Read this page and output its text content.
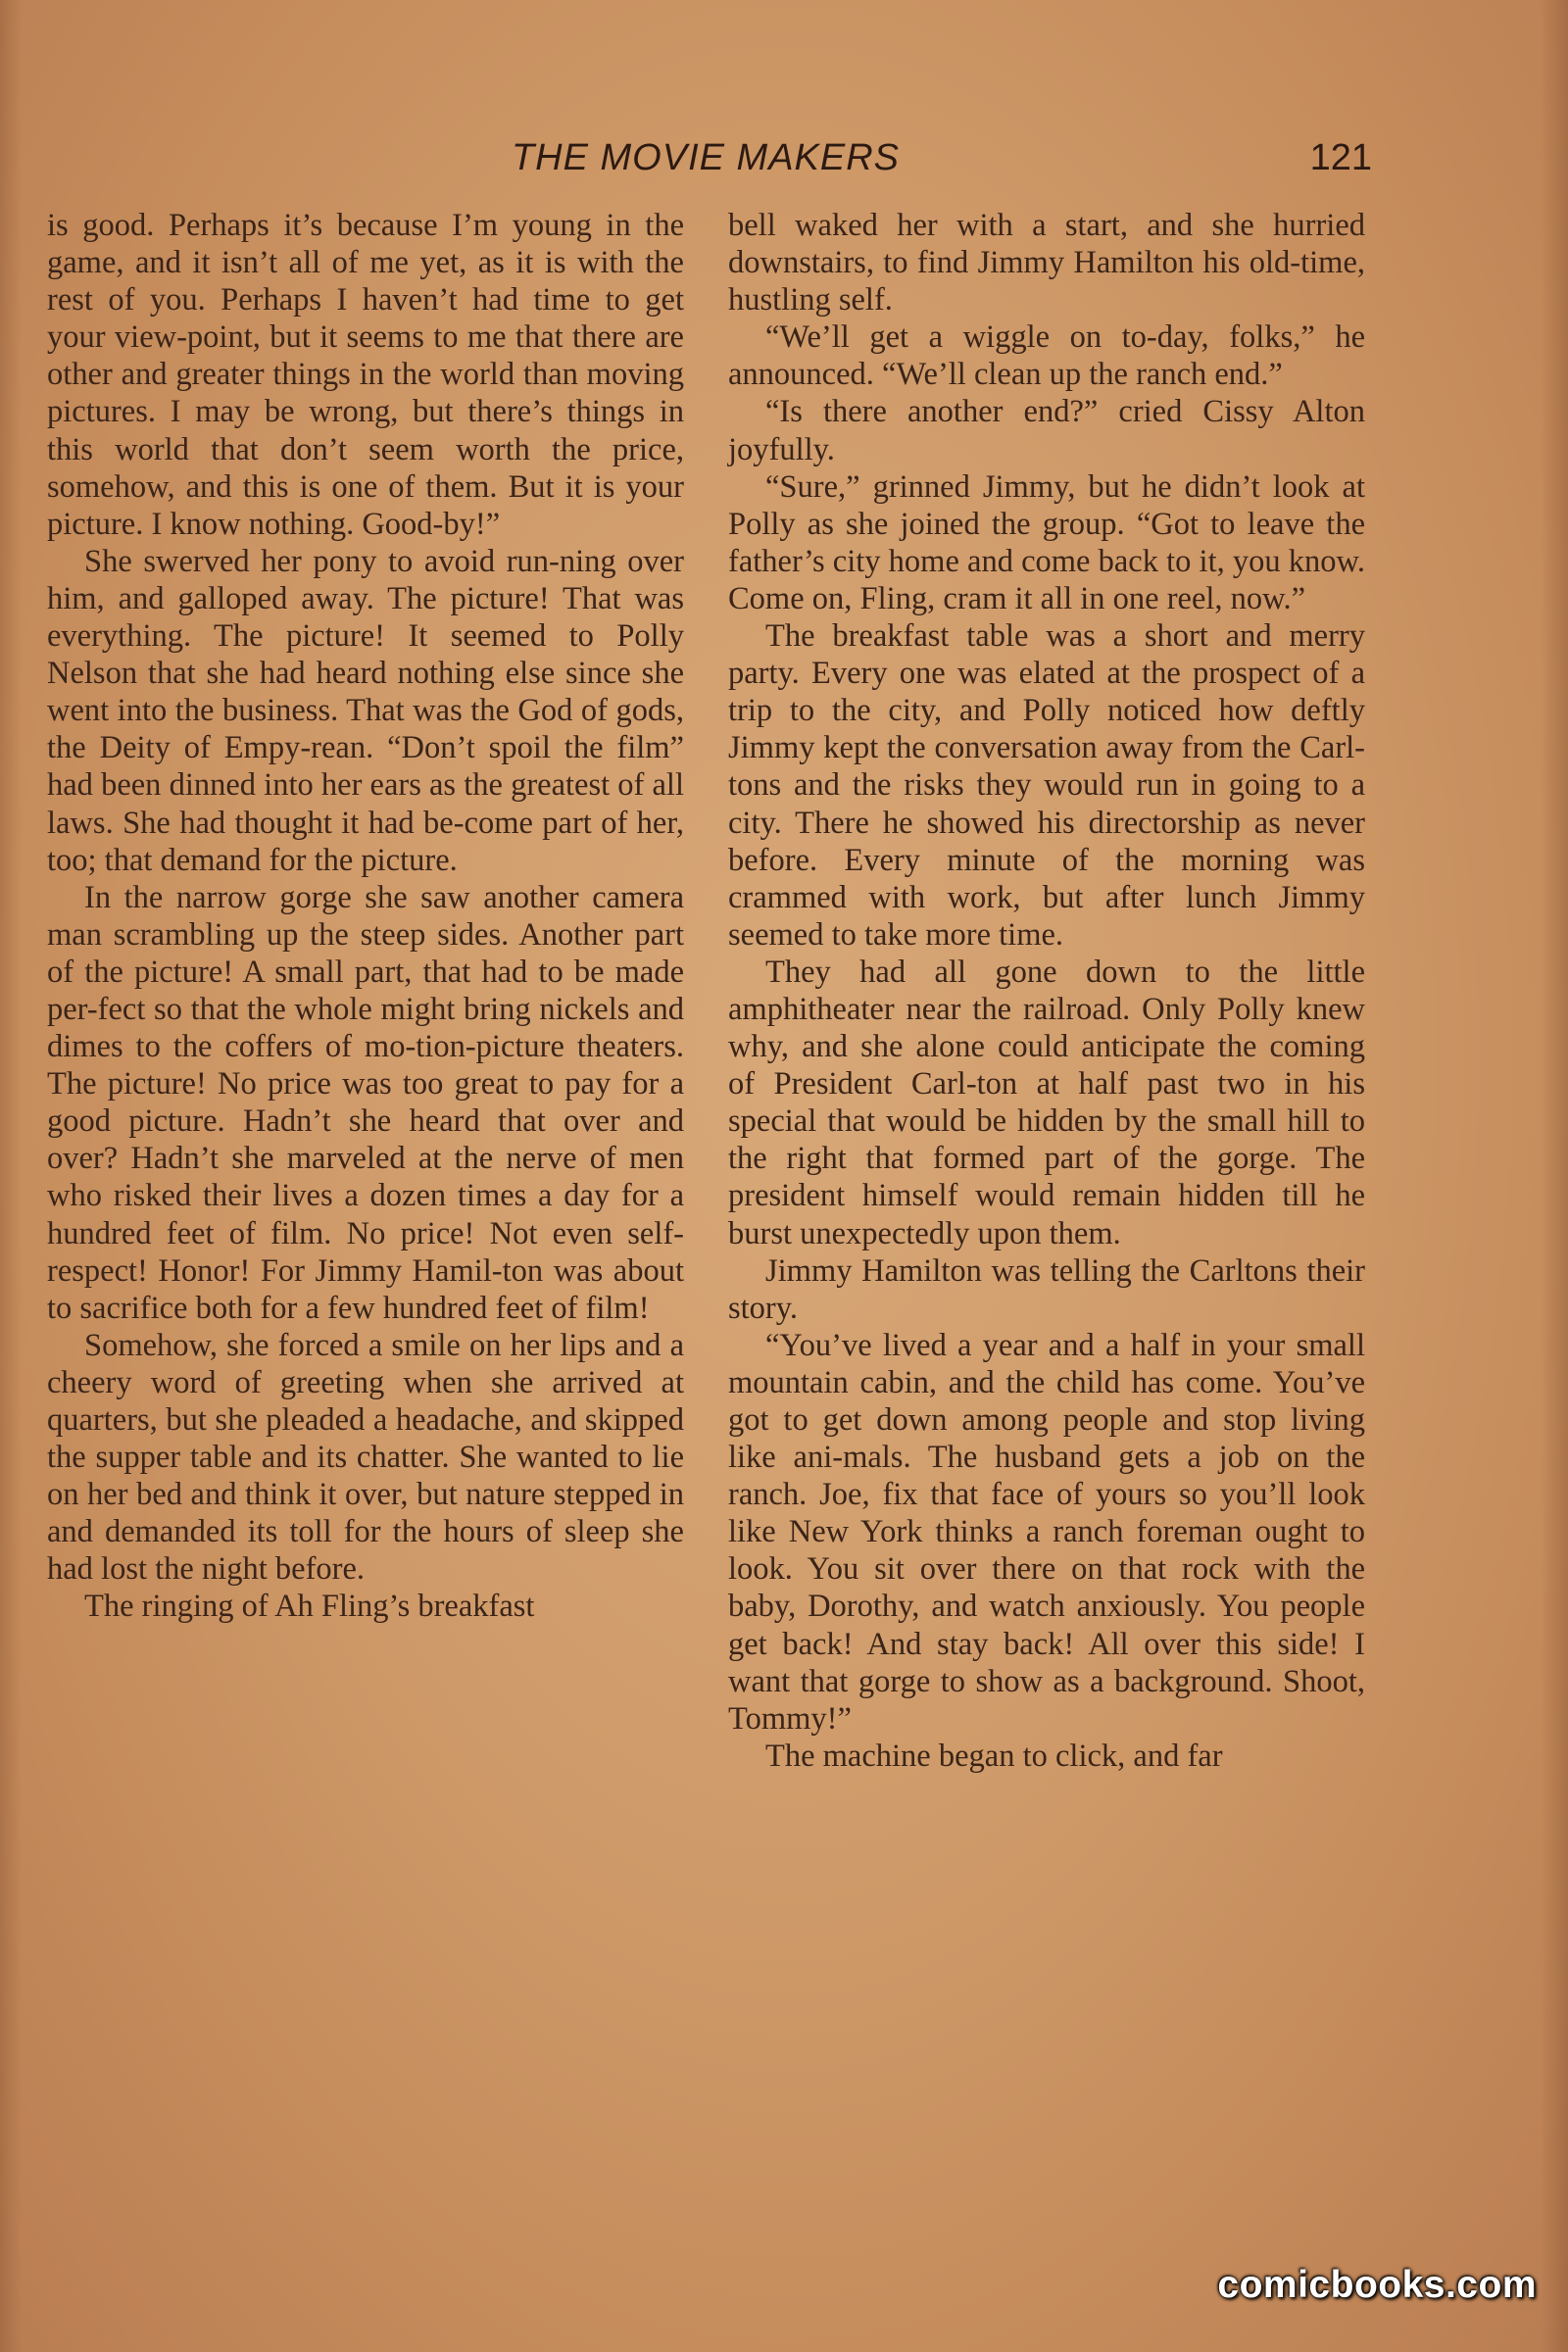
THE MOVIE MAKERS	121

is good. Perhaps it’s because I’m young in the game, and it isn’t all of me yet, as it is with the rest of you. Perhaps I haven’t had time to get your view-point, but it seems to me that there are other and greater things in the world than moving pictures. I may be wrong, but there’s things in this world that don’t seem worth the price, somehow, and this is one of them. But it is your picture. I know nothing. Good-by!”

She swerved her pony to avoid run-ning over him, and galloped away. The picture! That was everything. The picture! It seemed to Polly Nelson that she had heard nothing else since she went into the business. That was the God of gods, the Deity of Empy-rean. “Don’t spoil the film” had been dinned into her ears as the greatest of all laws. She had thought it had be-come part of her, too; that demand for the picture.

In the narrow gorge she saw another camera man scrambling up the steep sides. Another part of the picture! A small part, that had to be made per-fect so that the whole might bring nickels and dimes to the coffers of mo-tion-picture theaters. The picture! No price was too great to pay for a good picture. Hadn’t she heard that over and over? Hadn’t she marveled at the nerve of men who risked their lives a dozen times a day for a hundred feet of film. No price! Not even self-respect! Honor! For Jimmy Hamil-ton was about to sacrifice both for a few hundred feet of film!

Somehow, she forced a smile on her lips and a cheery word of greeting when she arrived at quarters, but she pleaded a headache, and skipped the supper table and its chatter. She wanted to lie on her bed and think it over, but nature stepped in and demanded its toll for the hours of sleep she had lost the night before.

The ringing of Ah Fling’s breakfast

bell waked her with a start, and she hurried downstairs, to find Jimmy Hamilton his old-time, hustling self.

“We’ll get a wiggle on to-day, folks,” he announced. “We’ll clean up the ranch end.”

“Is there another end?” cried Cissy Alton joyfully.

“Sure,” grinned Jimmy, but he didn’t look at Polly as she joined the group. “Got to leave the father’s city home and come back to it, you know. Come on, Fling, cram it all in one reel, now.”

The breakfast table was a short and merry party. Every one was elated at the prospect of a trip to the city, and Polly noticed how deftly Jimmy kept the conversation away from the Carl-tons and the risks they would run in going to a city. There he showed his directorship as never before. Every minute of the morning was crammed with work, but after lunch Jimmy seemed to take more time.

They had all gone down to the little amphitheater near the railroad. Only Polly knew why, and she alone could anticipate the coming of President Carl-ton at half past two in his special that would be hidden by the small hill to the right that formed part of the gorge. The president himself would remain hidden till he burst unexpectedly upon them.

Jimmy Hamilton was telling the Carltons their story.

“You’ve lived a year and a half in your small mountain cabin, and the child has come. You’ve got to get down among people and stop living like ani-mals. The husband gets a job on the ranch. Joe, fix that face of yours so you’ll look like New York thinks a ranch foreman ought to look. You sit over there on that rock with the baby, Dorothy, and watch anxiously. You people get back! And stay back! All over this side! I want that gorge to show as a background. Shoot, Tommy!”

The machine began to click, and far

comicbooks.com
